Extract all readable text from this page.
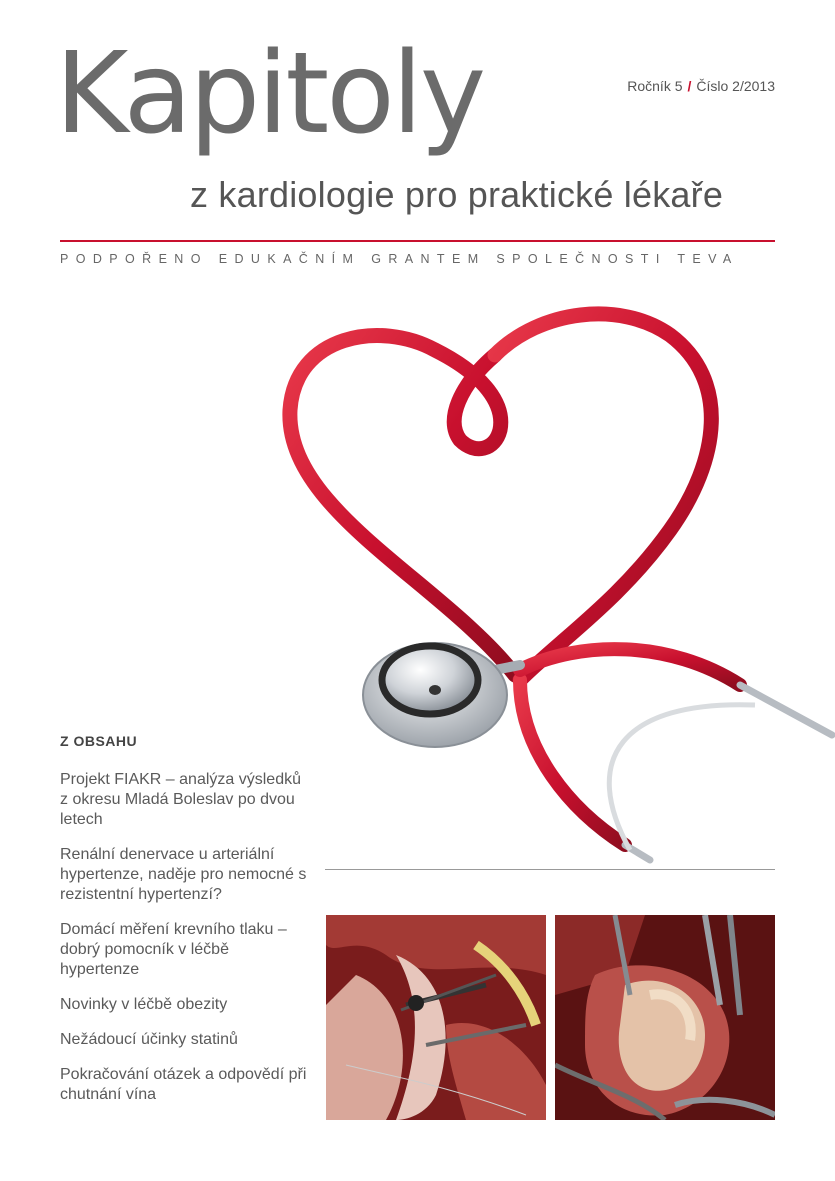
Kapitoly	Ročník 5 / Číslo 2/2013
z kardiologie pro praktické lékaře
PODPOŘENO EDUKAČNÍM GRANTEM SPOLEČNOSTI TEVA
Z OBSAHU
Projekt FIAKR – analýza výsledků z okresu Mladá Boleslav po dvou letech
Renální denervace u arteriální hypertenze, naděje pro nemocné s rezistentní hypertenzí?
Domácí měření krevního tlaku – dobrý pomocník v léčbě hypertenze
Novinky v léčbě obezity
Nežádoucí účinky statinů
Pokračování otázek a odpovědí při chutnání vína
